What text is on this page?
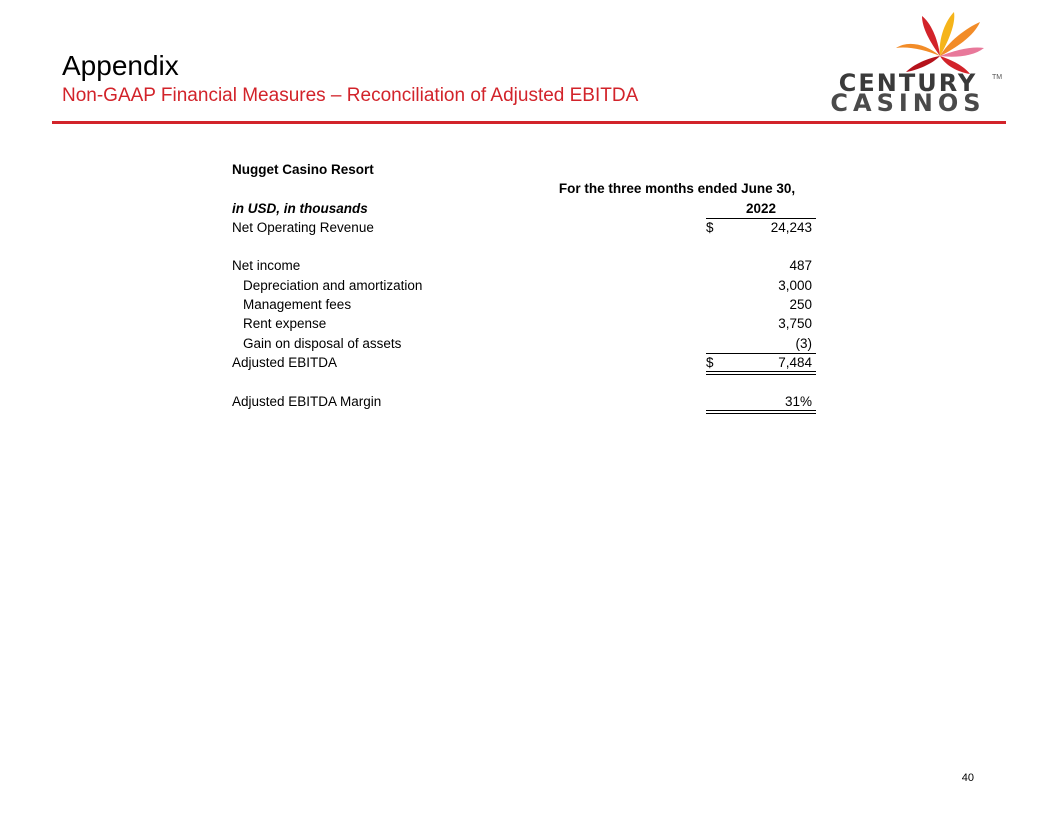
Appendix
Non-GAAP Financial Measures – Reconciliation of Adjusted EBITDA	CENTURY
CASINOS
TM
Nugget Casino Resort
For the three months ended June 30,
in USD, in thousands	2022
Net Operating Revenue	$	24,243
Net income	487
Depreciation and amortization	3,000
Management fees	250
Rent expense	3,750
Gain on disposal of assets	(3)
Adjusted EBITDA	$	7,484
Adjusted EBITDA Margin	31%
40
